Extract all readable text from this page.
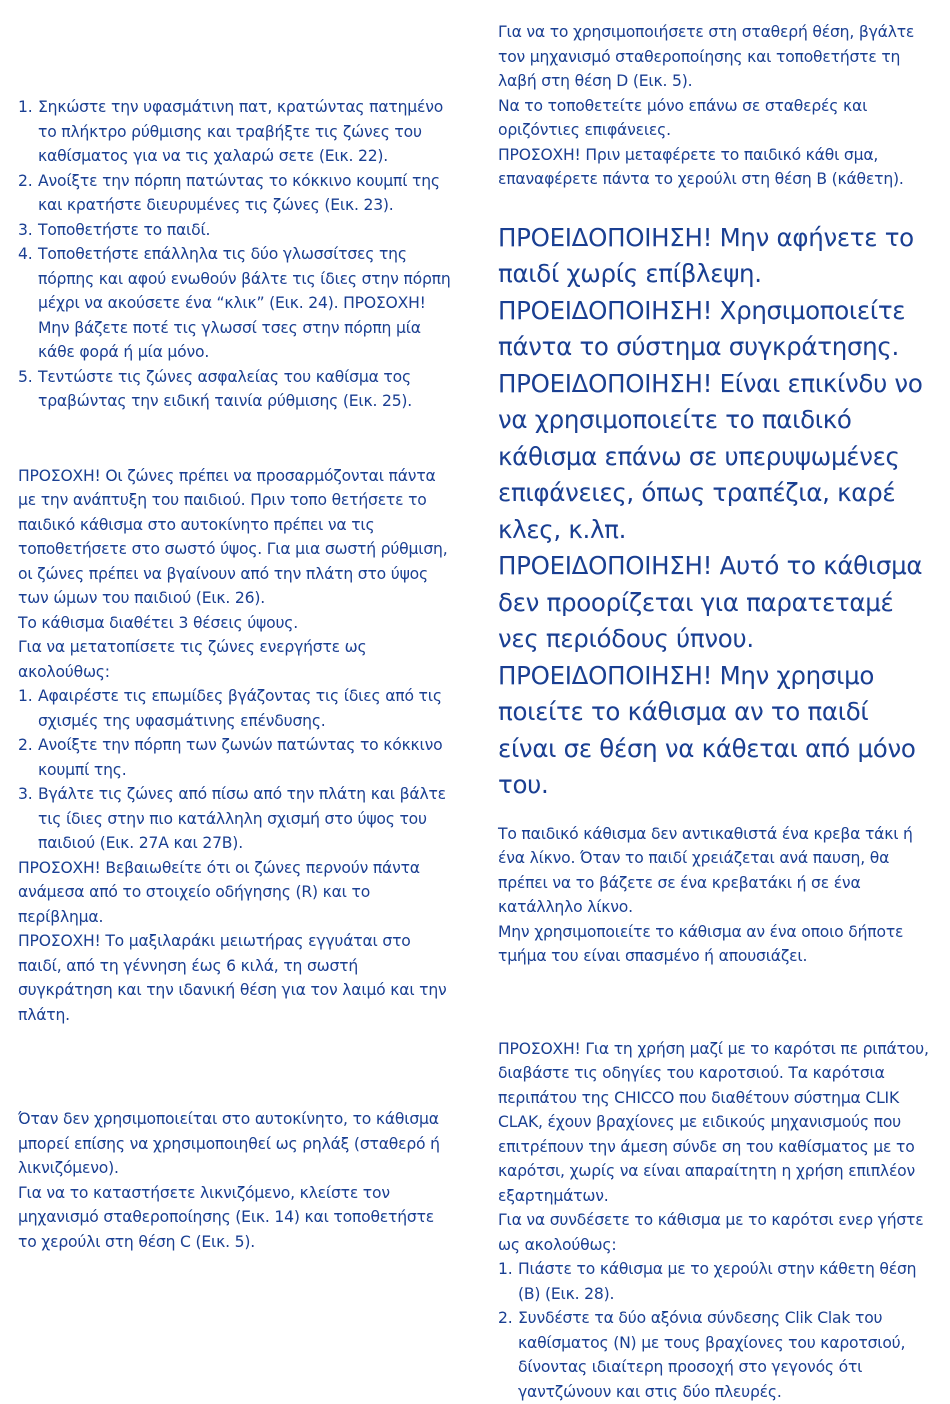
1. Σηκώστε την υφασμάτινη πατ, κρατώντας πατημένο το πλήκτρο ρύθμισης και τραβήξτε τις ζώνες του καθίσματος για να τις χαλαρώ σετε (Εικ. 22).
2. Ανοίξτε την πόρπη πατώντας το κόκκινο κουμπί της και κρατήστε διευρυμένες τις ζώνες (Εικ. 23).
3. Τοποθετήστε το παιδί.
4. Τοποθετήστε επάλληλα τις δύο γλωσσίτσες της πόρπης και αφού ενωθούν βάλτε τις ίδιες στην πόρπη μέχρι να ακούσετε ένα “κλικ” (Εικ. 24). ΠΡΟΣΟΧΗ! Μην βάζετε ποτέ τις γλωσσί τσες στην πόρπη μία κάθε φορά ή μία μόνο.
5. Τεντώστε τις ζώνες ασφαλείας του καθίσμα τος τραβώντας την ειδική ταινία ρύθμισης (Εικ. 25).

ΠΡΟΣΟΧΗ! Οι ζώνες πρέπει να προσαρμόζονται πάντα με την ανάπτυξη του παιδιού. Πριν τοπο θετήσετε το παιδικό κάθισμα στο αυτοκίνητο πρέπει να τις τοποθετήσετε στο σωστό ύψος. Για μια σωστή ρύθμιση, οι ζώνες πρέπει να βγαίνουν από την πλάτη στο ύψος των ώμων του παιδιού (Εικ. 26).

Το κάθισμα διαθέτει 3 θέσεις ύψους.

Για να μετατοπίσετε τις ζώνες ενεργήστε ως ακολούθως:

1. Αφαιρέστε τις επωμίδες βγάζοντας τις ίδιες από τις σχισμές της υφασμάτινης επένδυσης.
2. Ανοίξτε την πόρπη των ζωνών πατώντας το κόκκινο κουμπί της.
3. Βγάλτε τις ζώνες από πίσω από την πλάτη και βάλτε τις ίδιες στην πιο κατάλληλη σχισμή στο ύψος του παιδιού (Εικ. 27A και 27B).

ΠΡΟΣΟΧΗ! Βεβαιωθείτε ότι οι ζώνες περνούν πάντα ανάμεσα από το στοιχείο οδήγησης (R) και το περίβλημα.

ΠΡΟΣΟΧΗ! Το μαξιλαράκι μειωτήρας εγγυάται στο παιδί, από τη γέννηση έως 6 κιλά, τη σωστή συγκράτηση και την ιδανική θέση για τον λαιμό και την πλάτη.

Όταν δεν χρησιμοποιείται στο αυτοκίνητο, το κάθισμα μπορεί επίσης να χρησιμοποιηθεί ως ρηλάξ (σταθερό ή λικνιζόμενο).

Για να το καταστήσετε λικνιζόμενο, κλείστε τον μηχανισμό σταθεροποίησης (Εικ. 14) και τοποθετήστε το χερούλι στη θέση C (Εικ. 5).

Για να το χρησιμοποιήσετε στη σταθερή θέση, βγάλτε τον μηχανισμό σταθεροποίησης και τοποθετήστε τη λαβή στη θέση D (Εικ. 5).

Να το τοποθετείτε μόνο επάνω σε σταθερές και οριζόντιες επιφάνειες.

ΠΡΟΣΟΧΗ! Πριν μεταφέρετε το παιδικό κάθι σμα, επαναφέρετε πάντα το χερούλι στη θέση B (κάθετη).

ΠΡΟΕΙΔΟΠΟΙΗΣΗ! Μην αφήνετε το παιδί χωρίς επίβλεψη.

ΠΡΟΕΙΔΟΠΟΙΗΣΗ! Χρησιμοποιείτε πάντα το σύστημα συγκράτησης.

ΠΡΟΕΙΔΟΠΟΙΗΣΗ! Είναι επικίνδυ νο να χρησιμοποιείτε το παιδικό κάθισμα επάνω σε υπερυψωμένες επιφάνειες, όπως τραπέζια, καρέ κλες, κ.λπ.

ΠΡΟΕΙΔΟΠΟΙΗΣΗ! Αυτό το κάθισμα δεν προορίζεται για παρατεταμέ νες περιόδους ύπνου.

ΠΡΟΕΙΔΟΠΟΙΗΣΗ! Μην χρησιμο ποιείτε το κάθισμα αν το παιδί είναι σε θέση να κάθεται από μόνο του.

Το παιδικό κάθισμα δεν αντικαθιστά ένα κρεβα τάκι ή ένα λίκνο. Όταν το παιδί χρειάζεται ανά παυση, θα πρέπει να το βάζετε σε ένα κρεβατάκι ή σε ένα κατάλληλο λίκνο.

Μην χρησιμοποιείτε το κάθισμα αν ένα οποιο δήποτε τμήμα του είναι σπασμένο ή απουσιάζει.

ΠΡΟΣΟΧΗ! Για τη χρήση μαζί με το καρότσι πε ριπάτου, διαβάστε τις οδηγίες του καροτσιού. Τα καρότσια περιπάτου της CHICCO που διαθέτουν σύστημα CLIK CLAK, έχουν βραχίονες με ειδικούς μηχανισμούς που επιτρέπουν την άμεση σύνδε ση του καθίσματος με το καρότσι, χωρίς να είναι απαραίτητη η χρήση επιπλέον εξαρτημάτων.

Για να συνδέσετε το κάθισμα με το καρότσι ενερ γήστε ως ακολούθως:

1. Πιάστε το κάθισμα με το χερούλι στην κάθετη θέση (B) (Εικ. 28).
2. Συνδέστε τα δύο αξόνια σύνδεσης Clik Clak του καθίσματος (N) με τους βραχίονες του καροτσιού, δίνοντας ιδιαίτερη προσοχή στο γεγονός ότι γαντζώνουν και στις δύο πλευρές.
